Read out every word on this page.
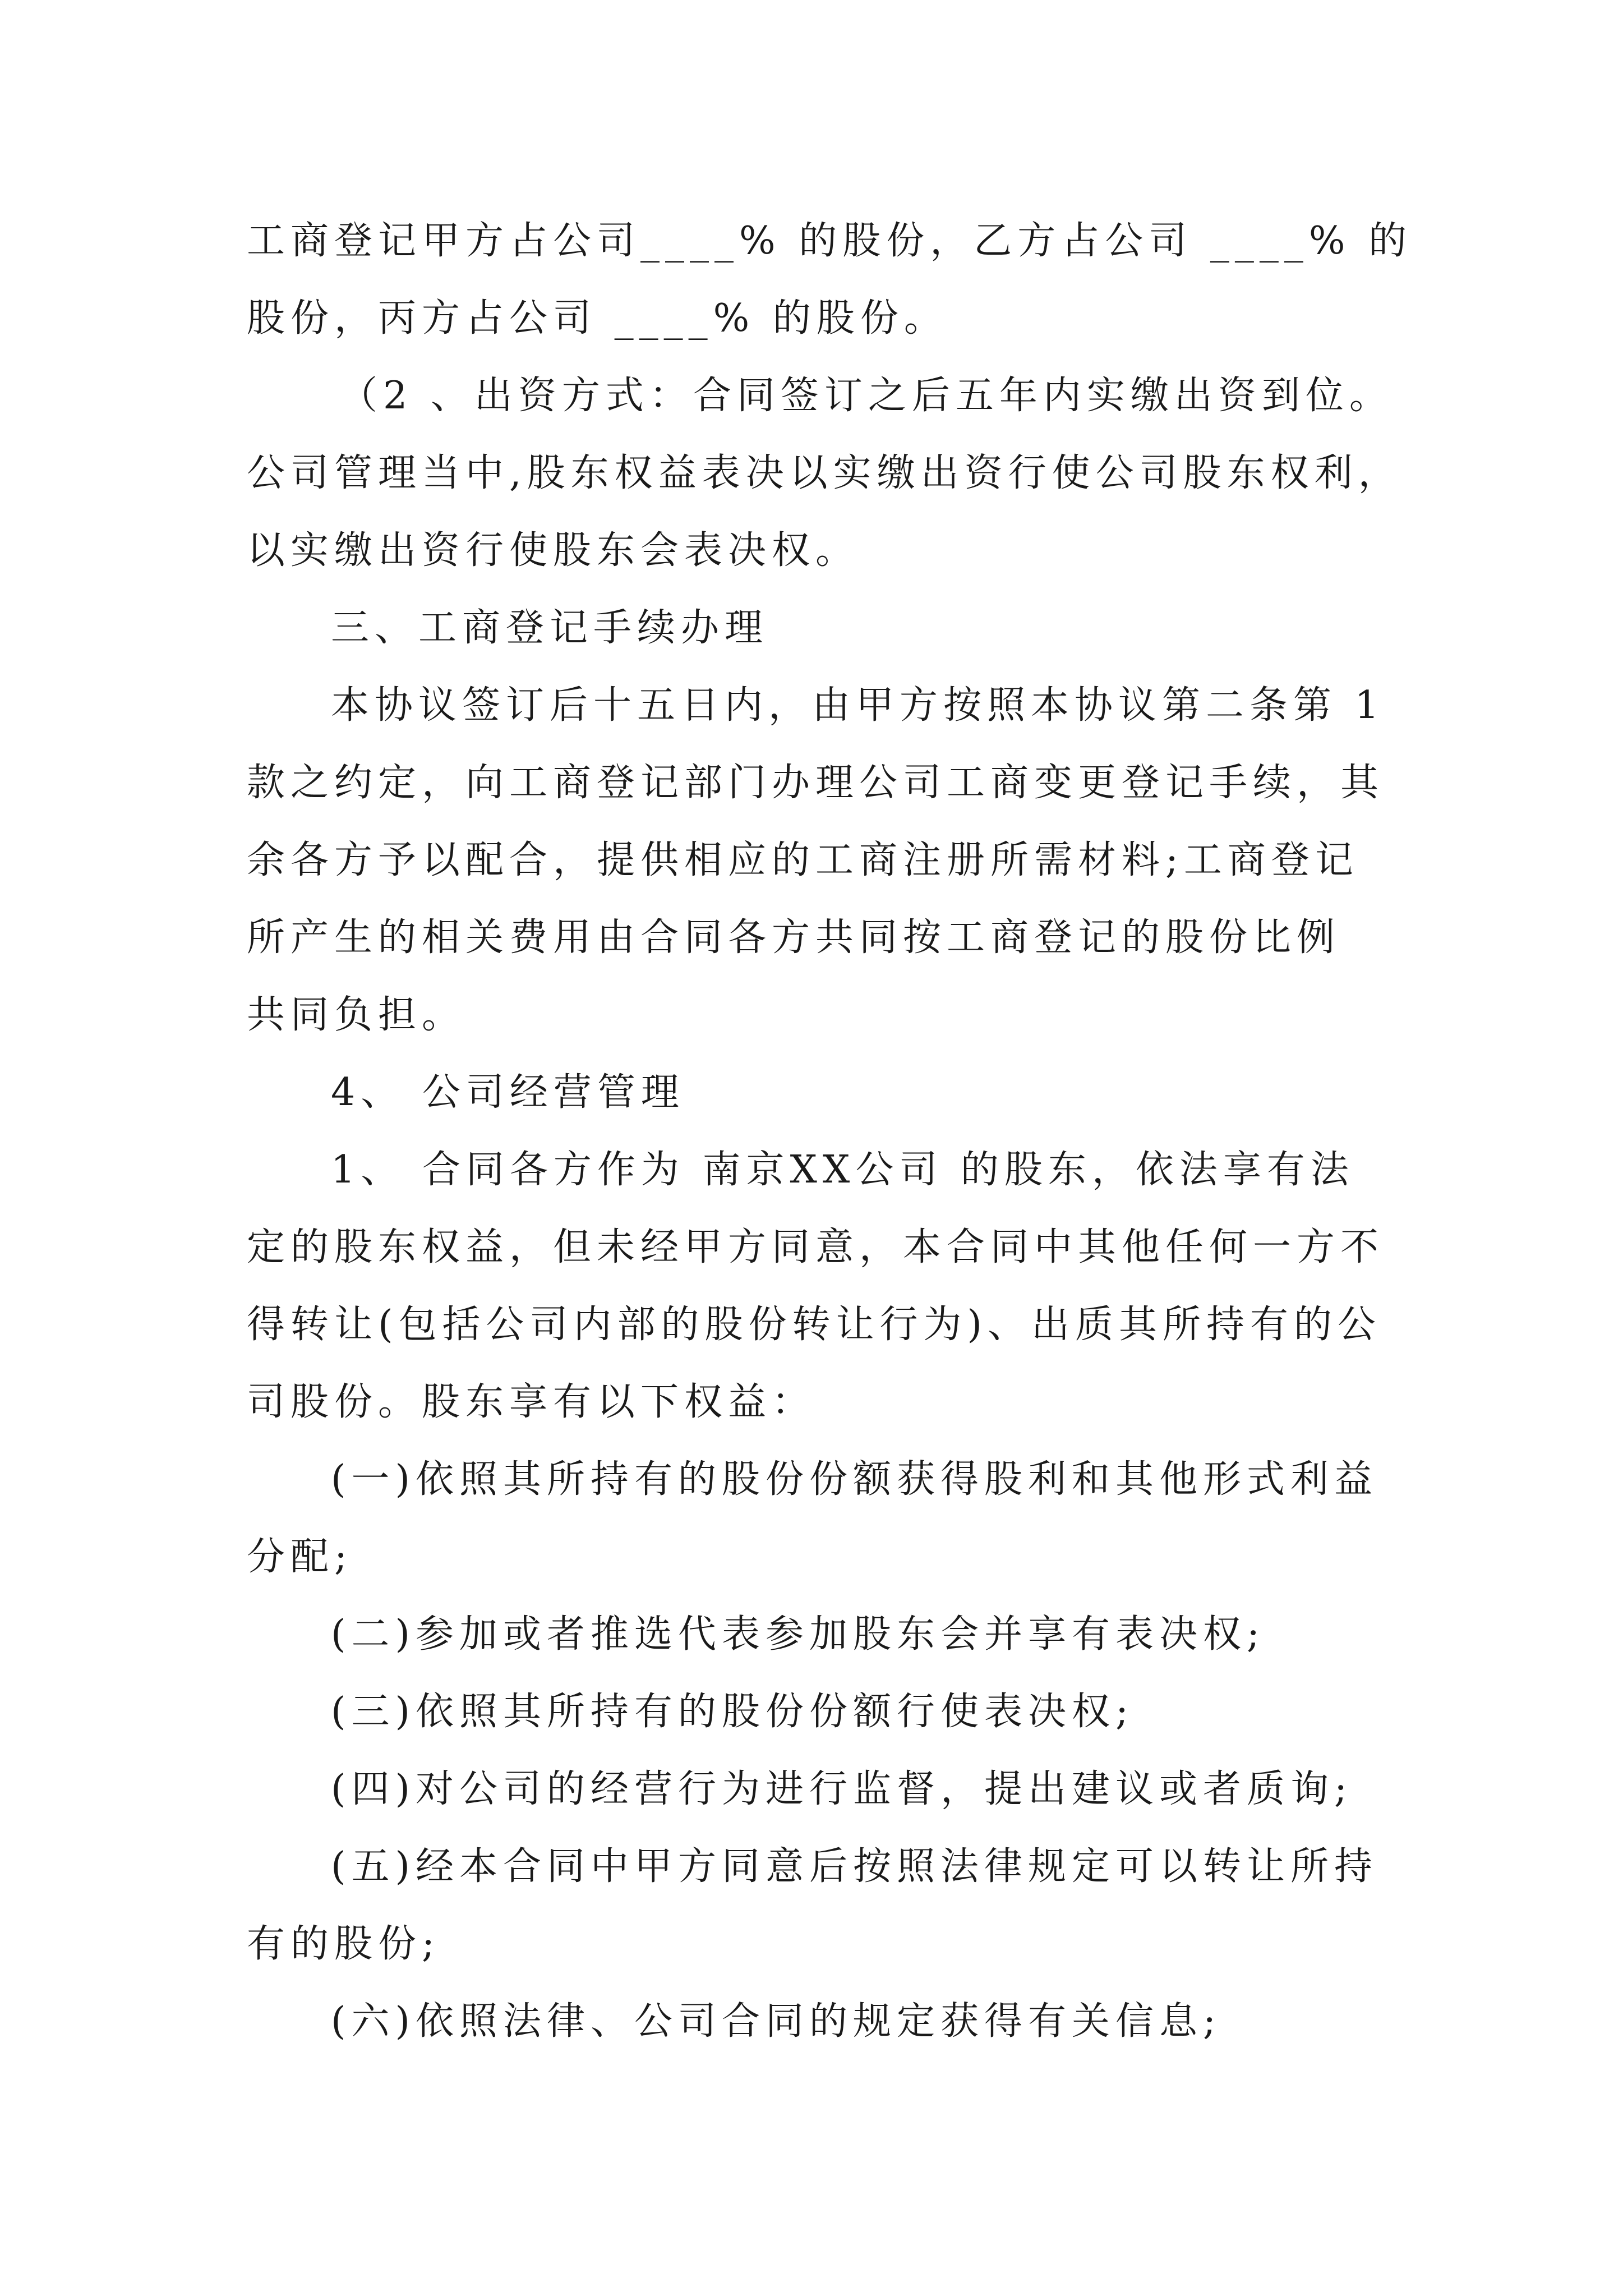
工商登记甲方占公司____% 的股份，乙方占公司 ____% 的
股份，丙方占公司 ____% 的股份。
（2 、出资方式：合同签订之后五年内实缴出资到位。
公司管理当中,股东权益表决以实缴出资行使公司股东权利，
以实缴出资行使股东会表决权。
三、工商登记手续办理
本协议签订后十五日内，由甲方按照本协议第二条第 1
款之约定，向工商登记部门办理公司工商变更登记手续，其
余各方予以配合，提供相应的工商注册所需材料;工商登记
所产生的相关费用由合同各方共同按工商登记的股份比例
共同负担。
4、 公司经营管理
1、 合同各方作为 南京XX公司 的股东，依法享有法
定的股东权益，但未经甲方同意，本合同中其他任何一方不
得转让(包括公司内部的股份转让行为)、出质其所持有的公
司股份。股东享有以下权益：
(一)依照其所持有的股份份额获得股利和其他形式利益
分配;
(二)参加或者推选代表参加股东会并享有表决权;
(三)依照其所持有的股份份额行使表决权;
(四)对公司的经营行为进行监督，提出建议或者质询;
(五)经本合同中甲方同意后按照法律规定可以转让所持
有的股份;
(六)依照法律、公司合同的规定获得有关信息;
